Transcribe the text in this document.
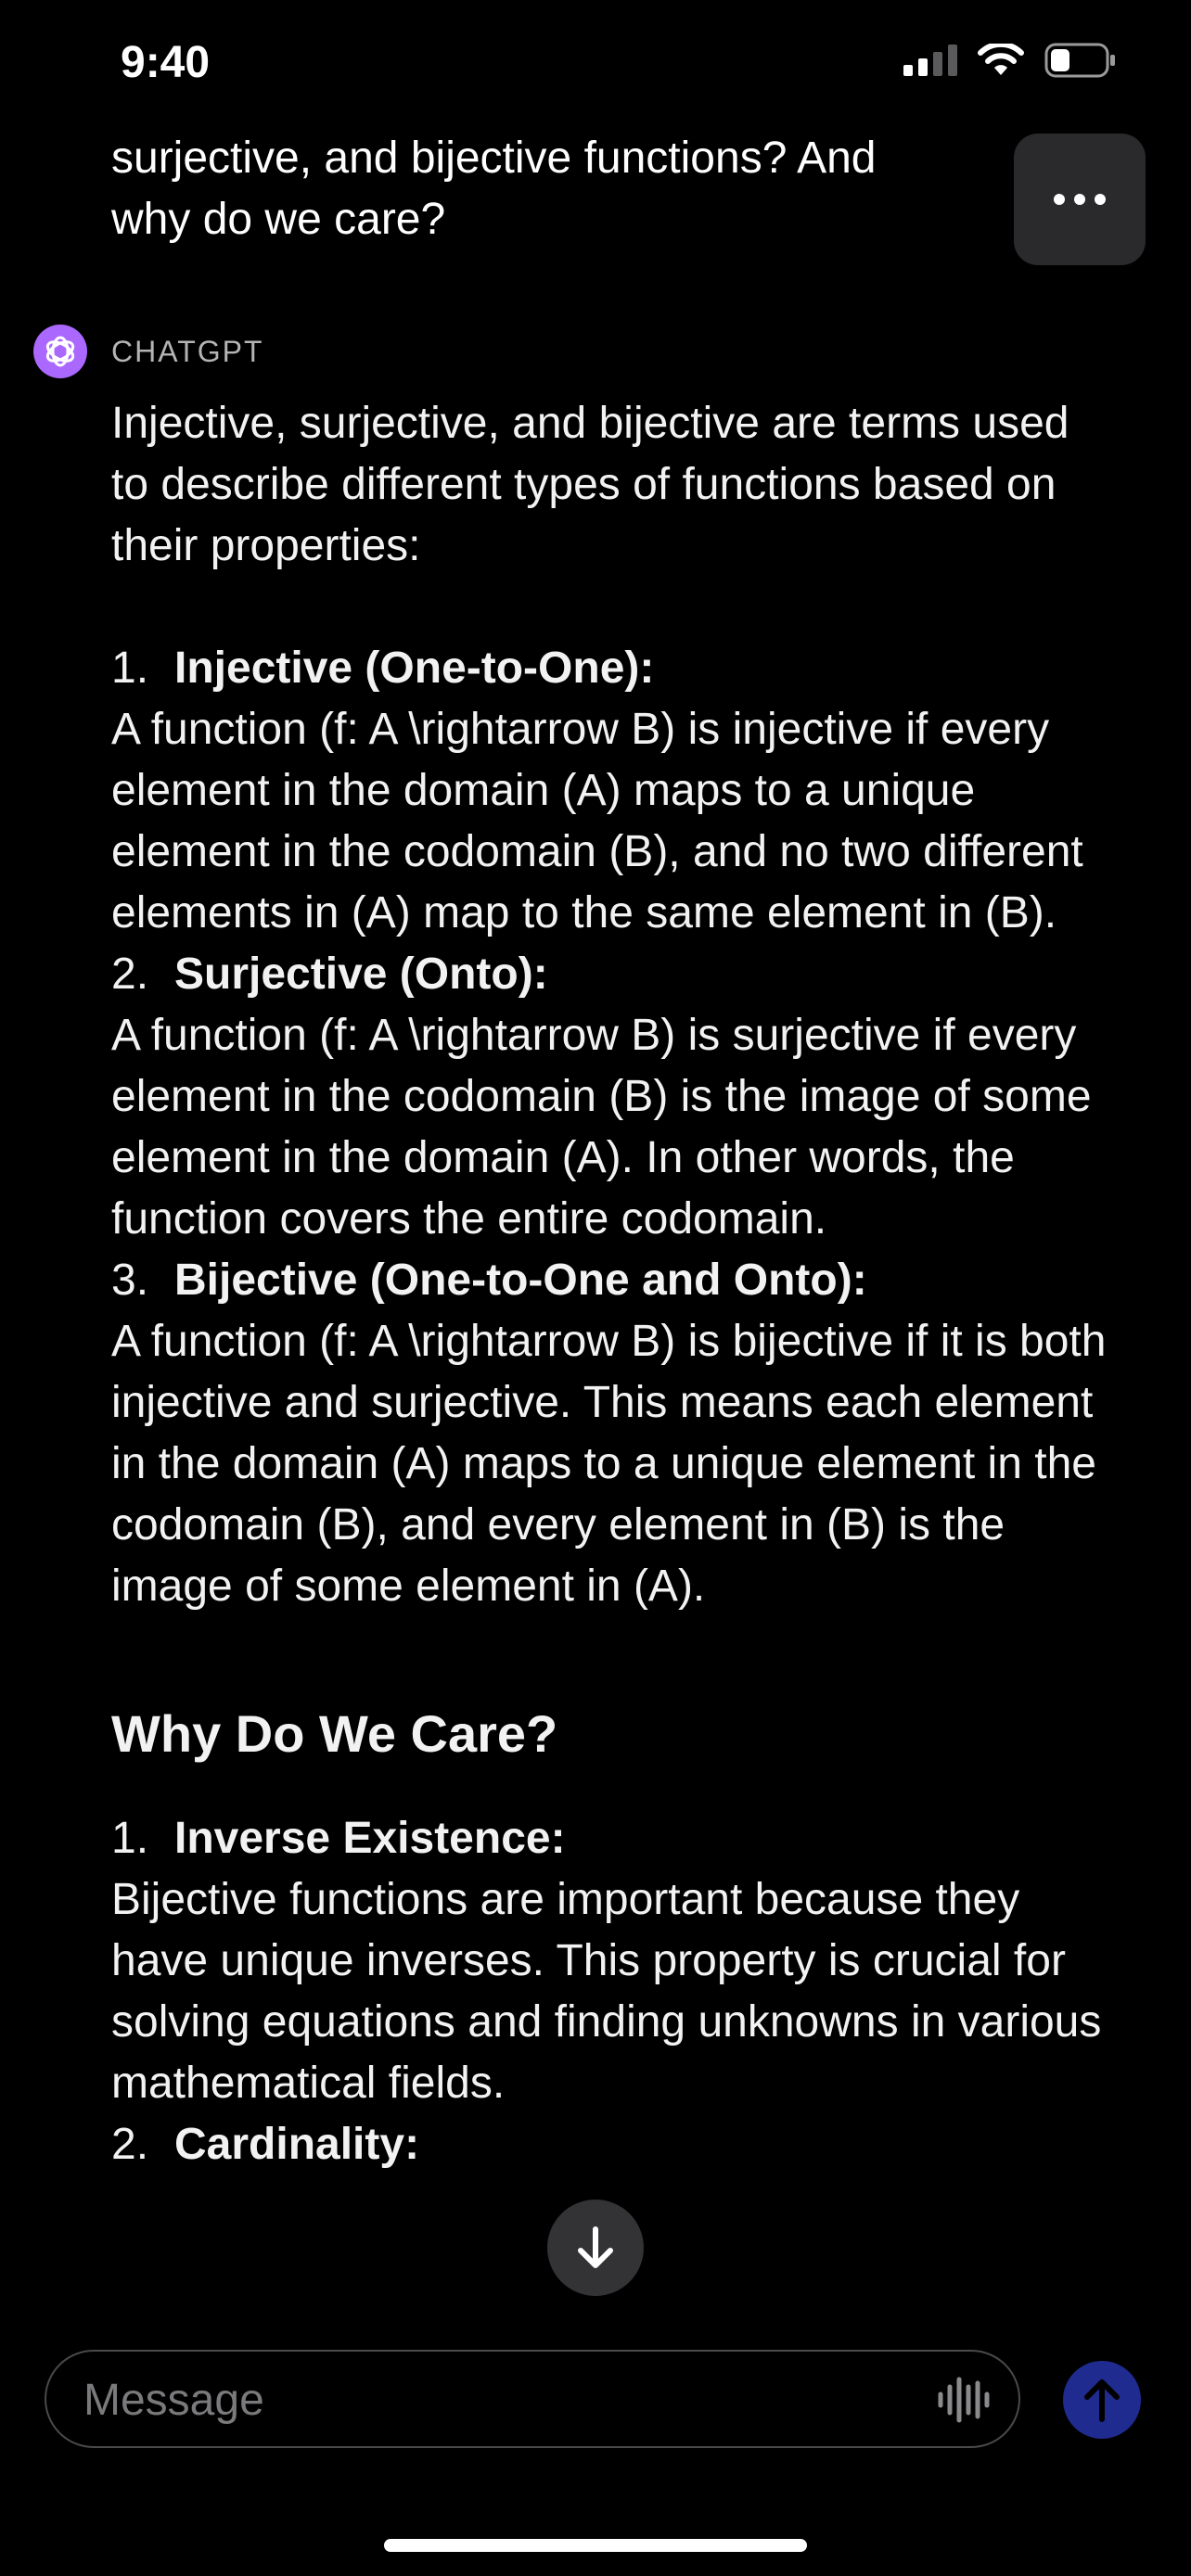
surjective, and bijective functions? And why do we care?
CHATGPT

Injective, surjective, and bijective are terms used to describe different types of functions based on their properties:

1. Injective (One-to-One):

A function (f: A \rightarrow B) is injective if every element in the domain (A) maps to a unique element in the codomain (B), and no two different elements in (A) map to the same element in (B).

2. Surjective (Onto):

A function (f: A \rightarrow B) is surjective if every element in the codomain (B) is the image of some element in the domain (A). In other words, the function covers the entire codomain.

3. Bijective (One-to-One and Onto):

A function (f: A \rightarrow B) is bijective if it is both injective and surjective. This means each element in the domain (A) maps to a unique element in the codomain (B), and every element in (B) is the image of some element in (A).

Why Do We Care?
1. Inverse Existence:

Bijective functions are important because they have unique inverses. This property is crucial for solving equations and finding unknowns in various mathematical fields.

2. Cardinality:
9:40
Message
